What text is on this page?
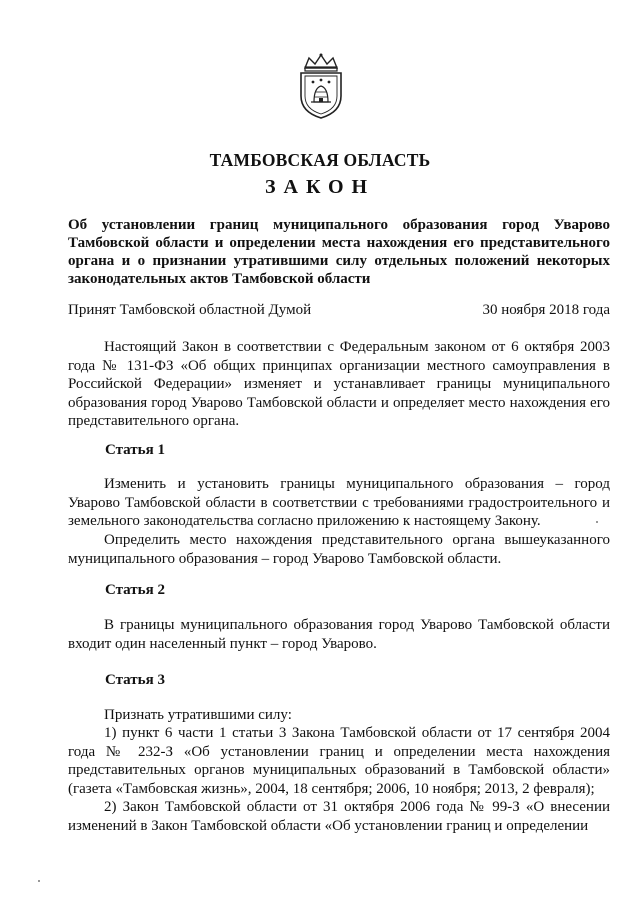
ТАМБОВСКАЯ ОБЛАСТЬ
ЗАКОН
Об установлении границ муниципального образования город Уварово Тамбовской области и определении места нахождения его представительного органа и о признании утратившими силу отдельных положений некоторых законодательных актов Тамбовской области
Принят Тамбовской областной Думой	30 ноября 2018 года

Настоящий Закон в соответствии с Федеральным законом от 6 октября 2003 года № 131-ФЗ «Об общих принципах организации местного самоуправления в Российской Федерации» изменяет и устанавливает границы муниципального образования город Уварово Тамбовской области и определяет место нахождения его представительного органа.

Статья 1

Изменить и установить границы муниципального образования – город Уварово Тамбовской области в соответствии с требованиями градостроительного и земельного законодательства согласно приложению к настоящему Закону.

Определить место нахождения представительного органа вышеуказанного муниципального образования – город Уварово Тамбовской области.

Статья 2

В границы муниципального образования город Уварово Тамбовской области входит один населенный пункт – город Уварово.

Статья 3

Признать утратившими силу:

1) пункт 6 части 1 статьи 3 Закона Тамбовской области от 17 сентября 2004 года № 232-З «Об установлении границ и определении места нахождения представительных органов муниципальных образований в Тамбовской области» (газета «Тамбовская жизнь», 2004, 18 сентября; 2006, 10 ноября; 2013, 2 февраля);

2) Закон Тамбовской области от 31 октября 2006 года № 99-З «О внесении изменений в Закон Тамбовской области «Об установлении границ и определении
